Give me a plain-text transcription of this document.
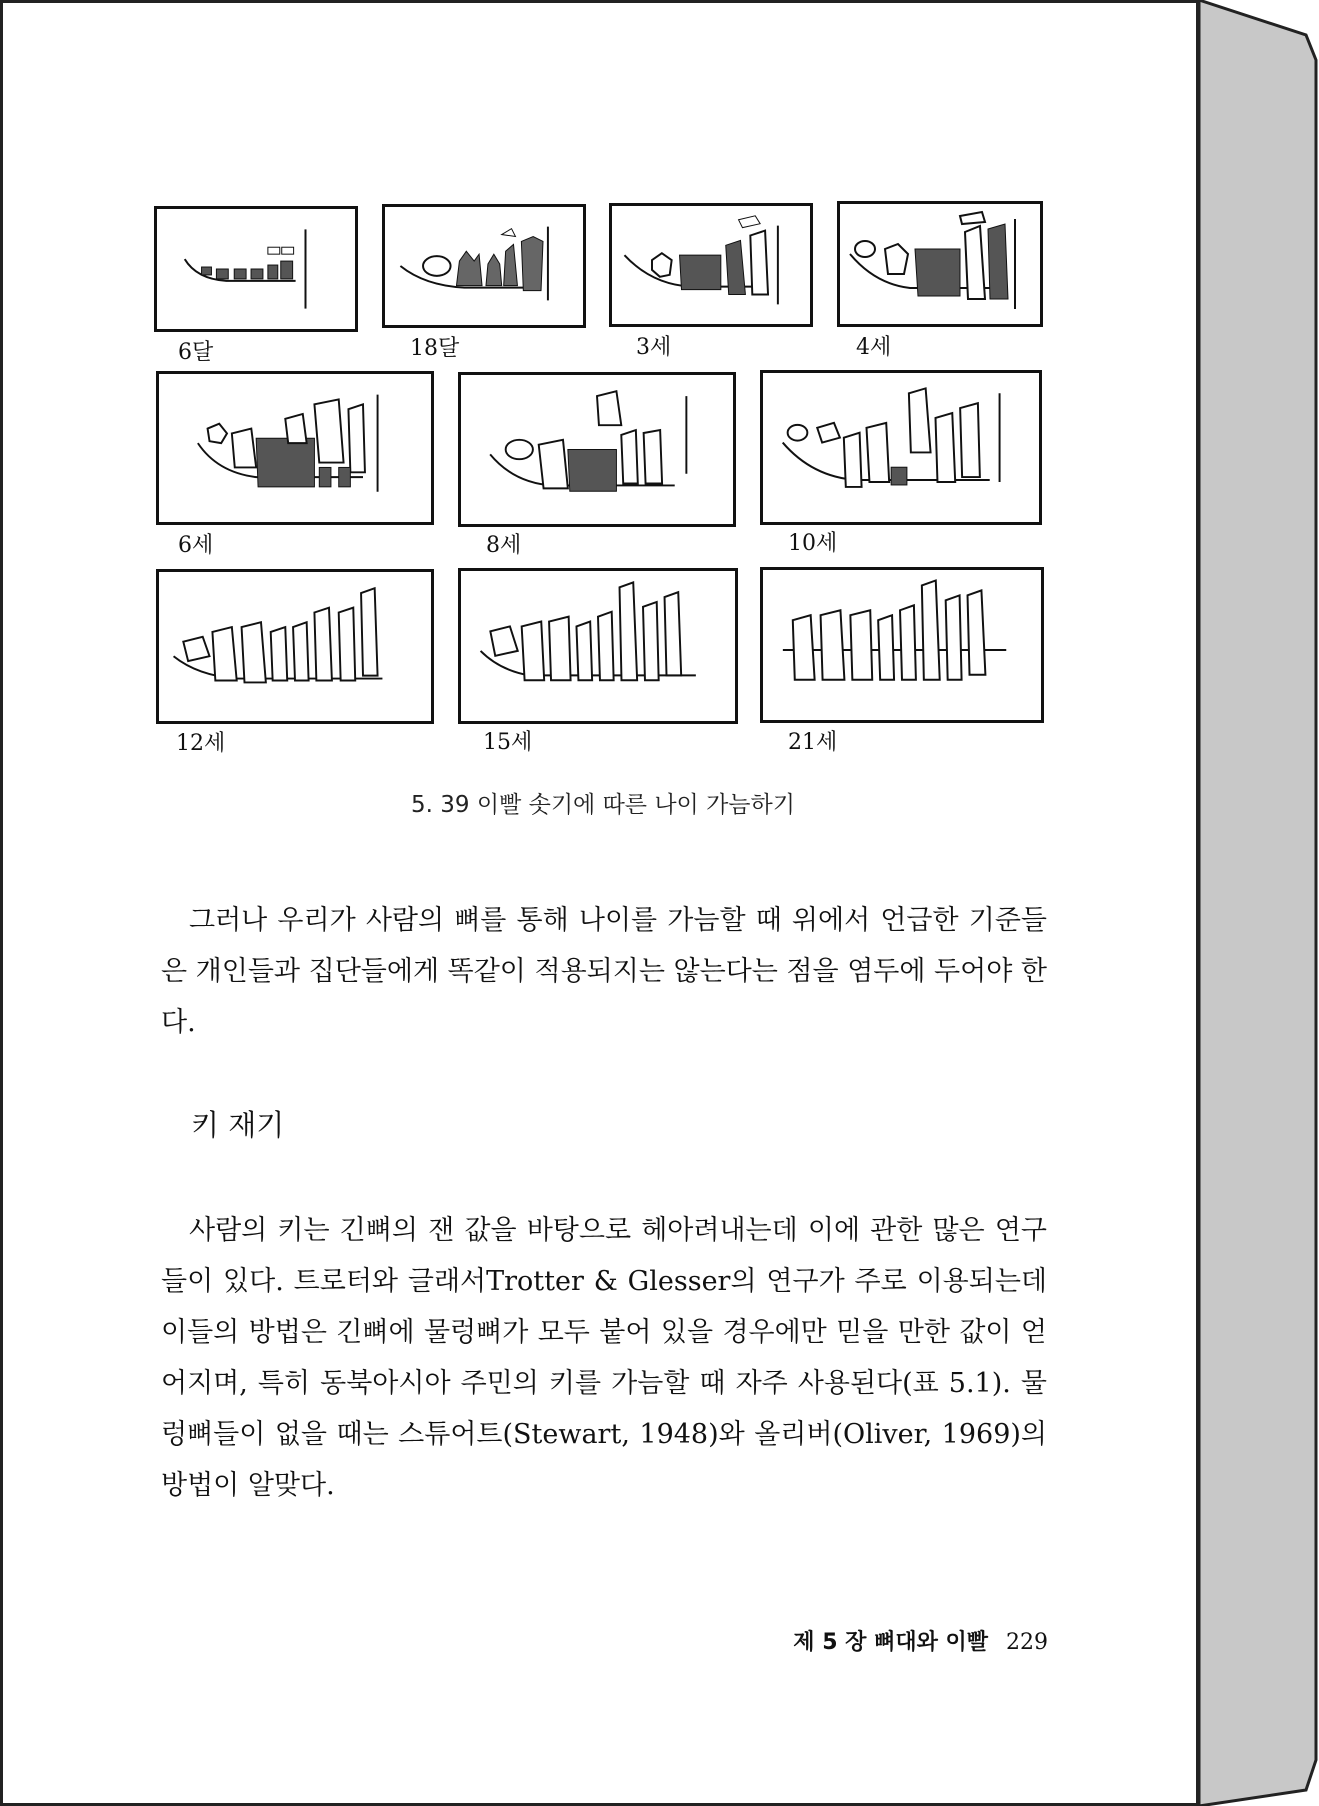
6달	18달	3세	4세
6세	8세	10세
12세	15세	21세
5. 39 이빨 솟기에 따른 나이 가늠하기
그러나 우리가 사람의 뼈를 통해 나이를 가늠할 때 위에서 언급한 기준들은 개인들과 집단들에게 똑같이 적용되지는 않는다는 점을 염두에 두어야 한다.
키 재기
사람의 키는 긴뼈의 잰 값을 바탕으로 헤아려내는데 이에 관한 많은 연구들이 있다. 트로터와 글래서Trotter & Glesser의 연구가 주로 이용되는데 이들의 방법은 긴뼈에 물렁뼈가 모두 붙어 있을 경우에만 믿을 만한 값이 얻어지며, 특히 동북아시아 주민의 키를 가늠할 때 자주 사용된다(표 5.1). 물렁뼈들이 없을 때는 스튜어트(Stewart, 1948)와 올리버(Oliver, 1969)의 방법이 알맞다.
제 5 장 뼈대와 이빨 229
